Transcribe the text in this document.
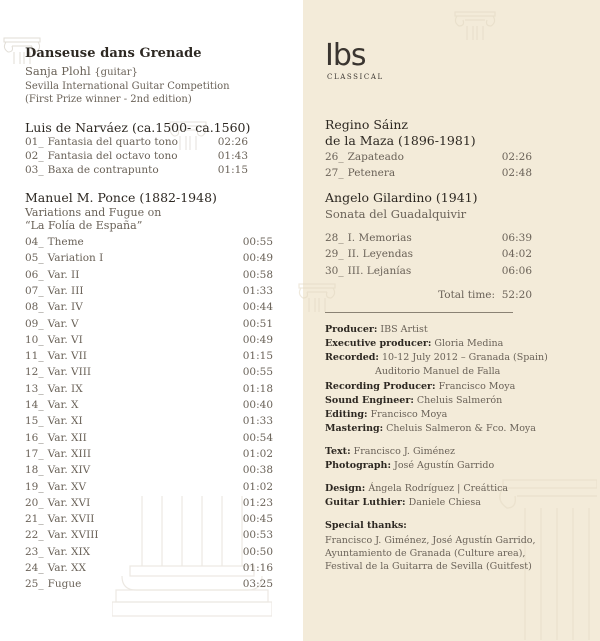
Danseuse dans Grenade
Sanja Plohl {guitar}
Sevilla International Guitar Competition
(First Prize winner - 2nd edition)
Luis de Narváez (ca.1500- ca.1560)
01_ Fantasia del quarto tono	02:26
02_ Fantasia del octavo tono	01:43
03_ Baxa de contrapunto	01:15
Manuel M. Ponce (1882-1948)
Variations and Fugue on
“La Folía de España”
04_ Theme	00:55
05_ Variation I	00:49
06_ Var. II	00:58
07_ Var. III	01:33
08_ Var. IV	00:44
09_ Var. V	00:51
10_ Var. VI	00:49
11_ Var. VII	01:15
12_ Var. VIII	00:55
13_ Var. IX	01:18
14_ Var. X	00:40
15_ Var. XI	01:33
16_ Var. XII	00:54
17_ Var. XIII	01:02
18_ Var. XIV	00:38
19_ Var. XV	01:02
20_ Var. XVI	01:23
21_ Var. XVII	00:45
22_ Var. XVIII	00:53
23_ Var. XIX	00:50
24_ Var. XX	01:16
25_ Fugue	03:25
Ibs
CLASSICAL
Regino Sáinz
de la Maza (1896-1981)
26_ Zapateado	02:26
27_ Petenera	02:48
Angelo Gilardino (1941)
Sonata del Guadalquivir
28_ I. Memorias	06:39
29_ II. Leyendas	04:02
30_ III. Lejanías	06:06
Total time: 52:20
Producer: IBS Artist
Executive producer: Gloria Medina
Recorded: 10-12 July 2012 – Granada (Spain)
Auditorio Manuel de Falla
Recording Producer: Francisco Moya
Sound Engineer: Cheluis Salmerón
Editing: Francisco Moya
Mastering: Cheluis Salmeron & Fco. Moya
Text: Francisco J. Giménez
Photograph: José Agustín Garrido
Design: Ángela Rodríguez | Creáttica
Guitar Luthier: Daniele Chiesa
Special thanks:
Francisco J. Giménez, José Agustín Garrido,
Ayuntamiento de Granada (Culture area),
Festival de la Guitarra de Sevilla (Guitfest)
